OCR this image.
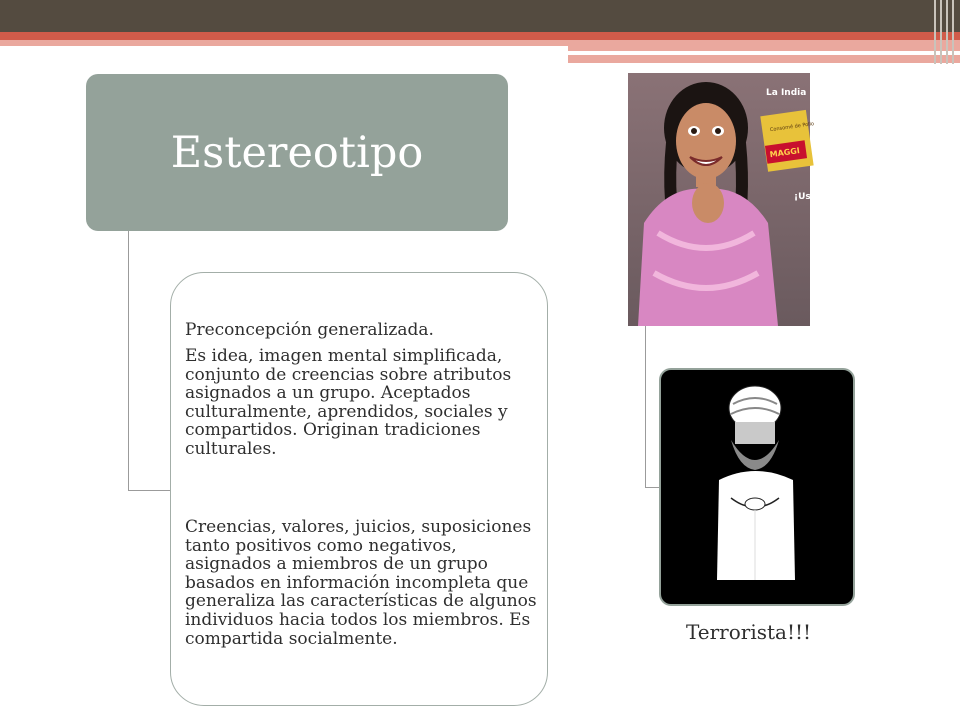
Estereotipo
Preconcepción generalizada.
Es idea, imagen mental simplificada, conjunto de creencias sobre atributos asignados a un grupo. Aceptados culturalmente, aprendidos, sociales y compartidos. Originan tradiciones culturales.
Creencias, valores, juicios, suposiciones tanto positivos como negativos, asignados a miembros de un grupo basados en información incompleta que generaliza las características de algunos individuos hacia todos los miembros. Es compartida socialmente.
La India
Consomé de Pollo
MAGGI
¡Us
Terrorista!!!
